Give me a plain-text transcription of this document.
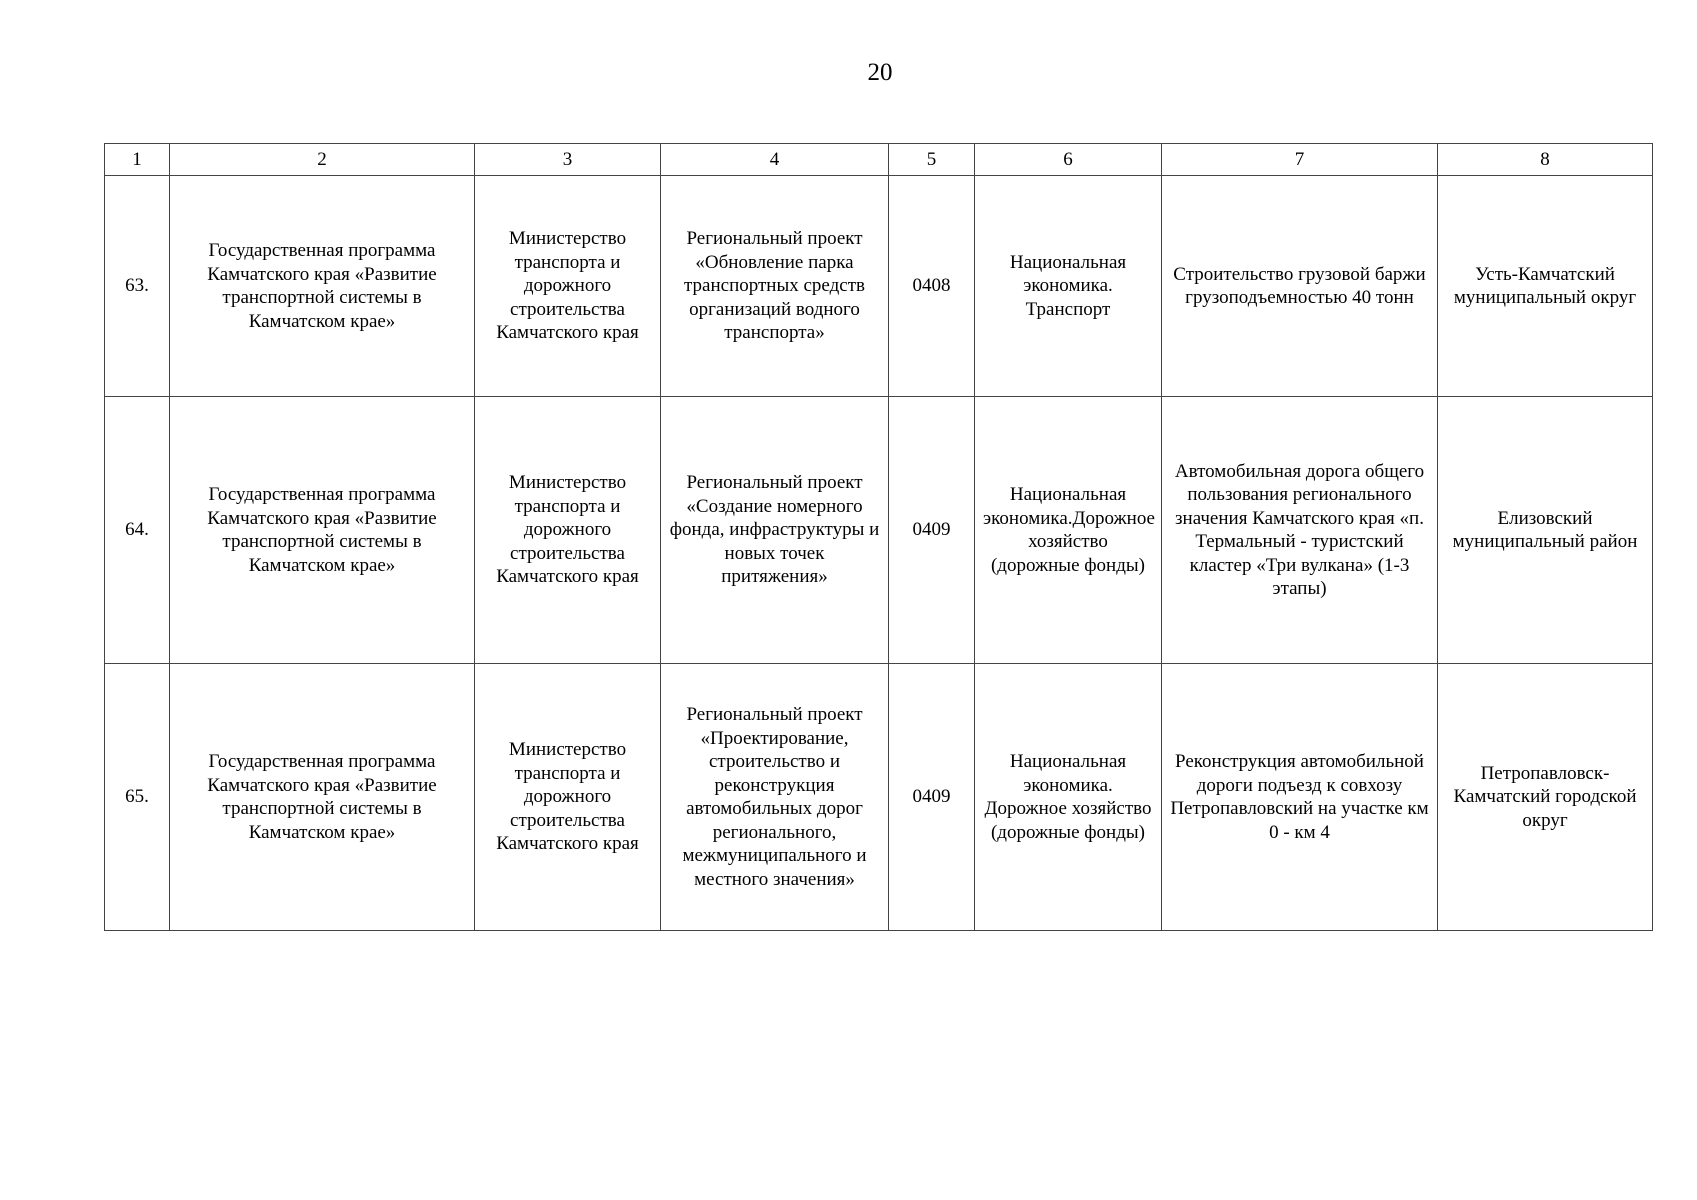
20
1	2	3	4	5	6	7	8
63.	Государственная программа Камчатского края «Развитие транспортной системы в Камчатском крае»	Министерство транспорта и дорожного строительства Камчатского края	Региональный проект «Обновление парка транспортных средств организаций водного транспорта»	0408	Национальная экономика. Транспорт	Строительство грузовой баржи грузоподъемностью 40 тонн	Усть-Камчатский муниципальный округ
64.	Государственная программа Камчатского края «Развитие транспортной системы в Камчатском крае»	Министерство транспорта и дорожного строительства Камчатского края	Региональный проект «Создание номерного фонда, инфраструктуры и новых точек притяжения»	0409	Национальная экономика.Дорожное хозяйство (дорожные фонды)	Автомобильная дорога общего пользования регионального значения Камчатского края «п. Термальный - туристский кластер «Три вулкана» (1-3 этапы)	Елизовский муниципальный район
65.	Государственная программа Камчатского края «Развитие транспортной системы в Камчатском крае»	Министерство транспорта и дорожного строительства Камчатского края	Региональный проект «Проектирование, строительство и реконструкция автомобильных дорог регионального, межмуниципального и местного значения»	0409	Национальная экономика. Дорожное хозяйство (дорожные фонды)	Реконструкция автомобильной дороги подъезд к совхозу Петропавловский на участке км 0 - км 4	Петропавловск-Камчатский городской округ
